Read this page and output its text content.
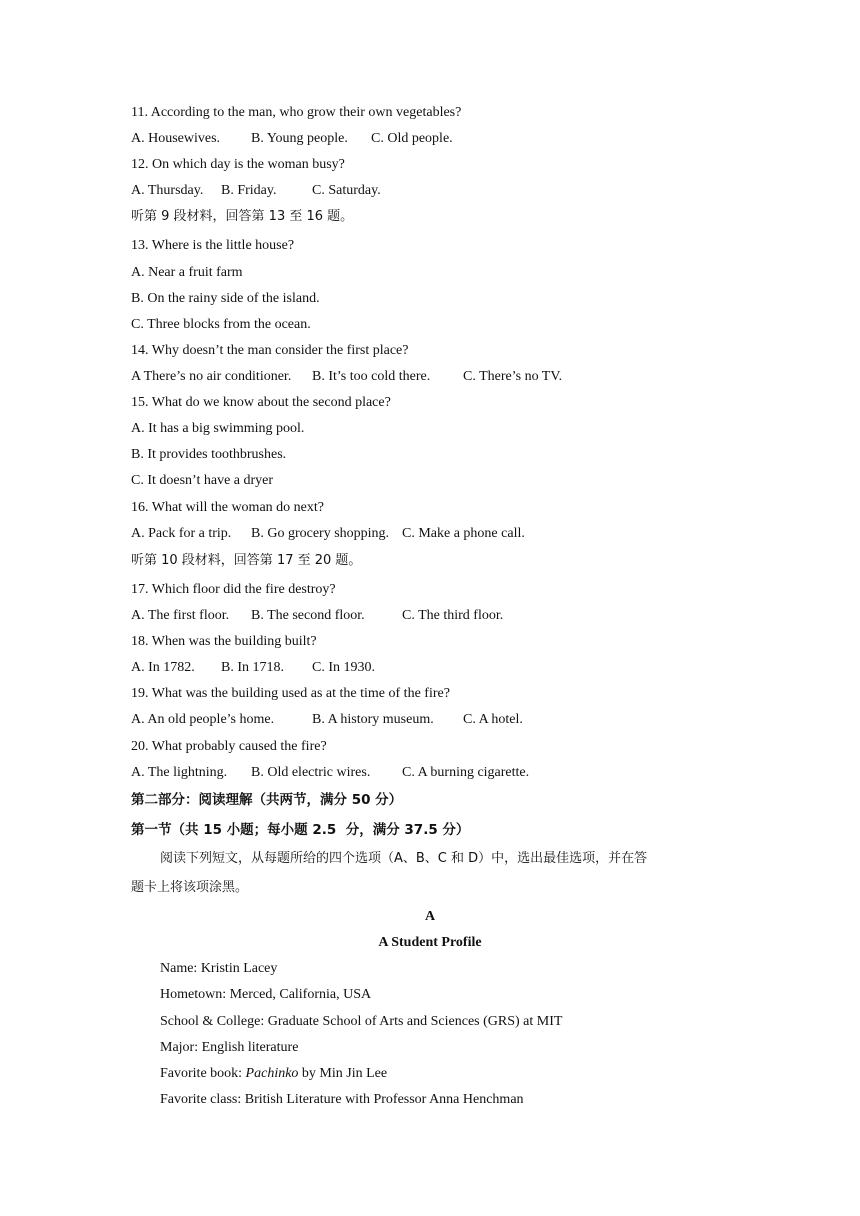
11. According to the man, who grow their own vegetables?
A. Housewives. B. Young people. C. Old people.
12. On which day is the woman busy?
A. Thursday. B. Friday.	C. Saturday.
听第 9 段材料，回答第 13 至 16 题。
13. Where is the little house?
A. Near a fruit farm
B. On the rainy side of the island.
C. Three blocks from the ocean.
14. Why doesn’t the man consider the first place?
A There’s no air conditioner. B. It’s too cold there. C. There’s no TV.
15. What do we know about the second place?
A. It has a big swimming pool.
B. It provides toothbrushes.
C. It doesn’t have a dryer
16. What will the woman do next?
A. Pack for a trip. B. Go grocery shopping. C. Make a phone call.
听第 10 段材料，回答第 17 至 20 题。
17. Which floor did the fire destroy?
A. The first floor. B. The second floor.	C. The third floor.
18. When was the building built?
A. In 1782. B. In 1718. C. In 1930.
19. What was the building used as at the time of the fire?
A. An old people’s home.	B. A history museum. C. A hotel.
20. What probably caused the fire?
A. The lightning. B. Old electric wires. C. A burning cigarette.
第二部分：阅读理解（共两节，满分 50 分）
第一节（共 15 小题；每小题 2.5  分，满分 37.5 分）
阅读下列短文，从每题所给的四个选项（A、B、C 和 D）中，选出最佳选项，并在答
题卡上将该项涂黑。
A
A Student Profile
Name: Kristin Lacey
Hometown: Merced, California, USA
School & College: Graduate School of Arts and Sciences (GRS) at MIT
Major: English literature
Favorite book: Pachinko by Min Jin Lee
Favorite class: British Literature with Professor Anna Henchman
